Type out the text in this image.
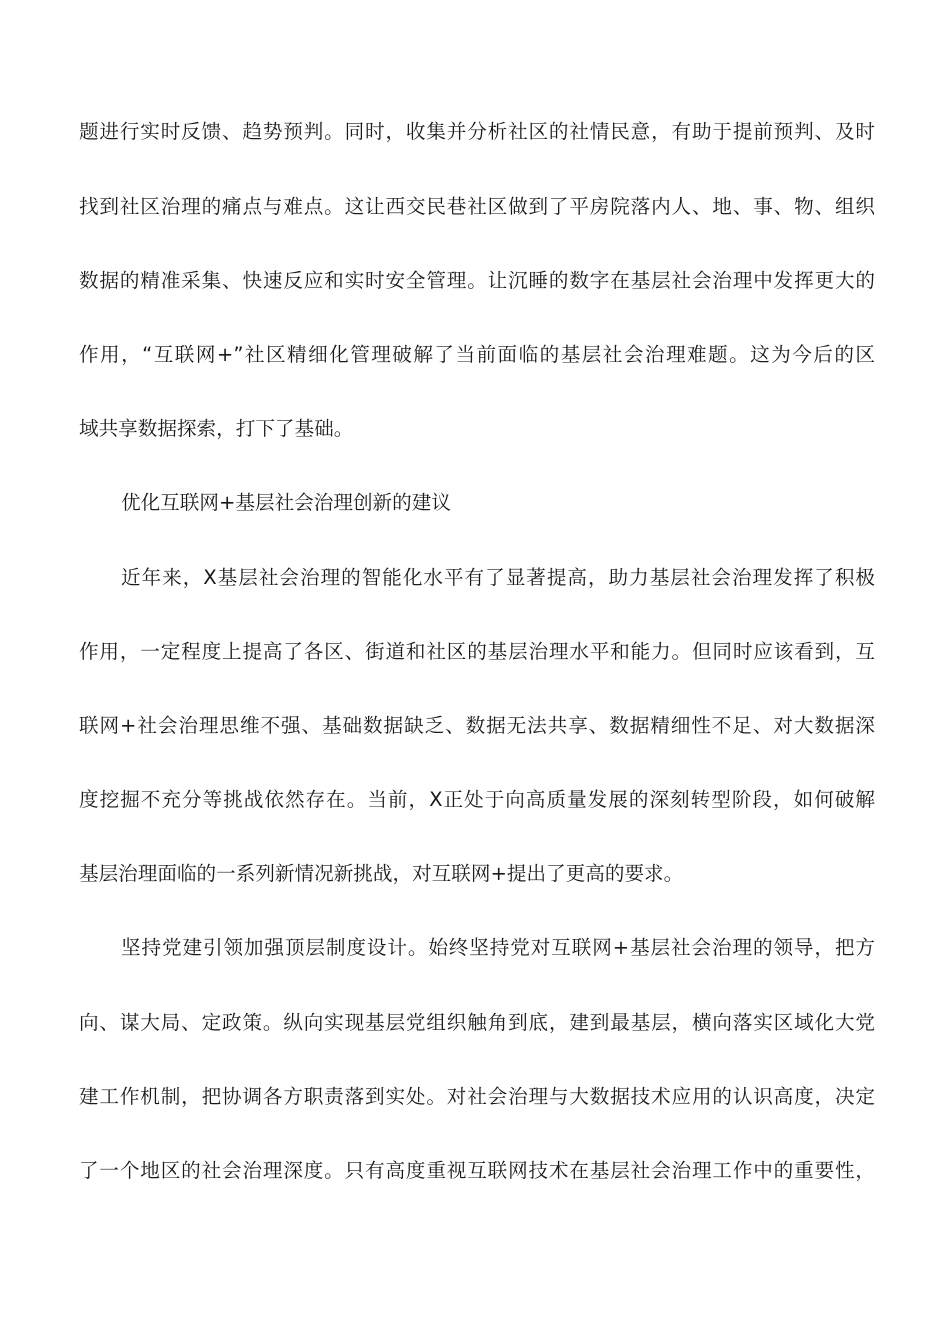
题进行实时反馈、趋势预判。同时，收集并分析社区的社情民意，有助于提前预判、及时
找到社区治理的痛点与难点。这让西交民巷社区做到了平房院落内人、地、事、物、组织
数据的精准采集、快速反应和实时安全管理。让沉睡的数字在基层社会治理中发挥更大的
作用，“互联网+”社区精细化管理破解了当前面临的基层社会治理难题。这为今后的区
域共享数据探索，打下了基础。
优化互联网+基层社会治理创新的建议
近年来，X基层社会治理的智能化水平有了显著提高，助力基层社会治理发挥了积极
作用，一定程度上提高了各区、街道和社区的基层治理水平和能力。但同时应该看到，互
联网+社会治理思维不强、基础数据缺乏、数据无法共享、数据精细性不足、对大数据深
度挖掘不充分等挑战依然存在。当前，X正处于向高质量发展的深刻转型阶段，如何破解
基层治理面临的一系列新情况新挑战，对互联网+提出了更高的要求。
坚持党建引领加强顶层制度设计。始终坚持党对互联网+基层社会治理的领导，把方
向、谋大局、定政策。纵向实现基层党组织触角到底，建到最基层，横向落实区域化大党
建工作机制，把协调各方职责落到实处。对社会治理与大数据技术应用的认识高度，决定
了一个地区的社会治理深度。只有高度重视互联网技术在基层社会治理工作中的重要性，
